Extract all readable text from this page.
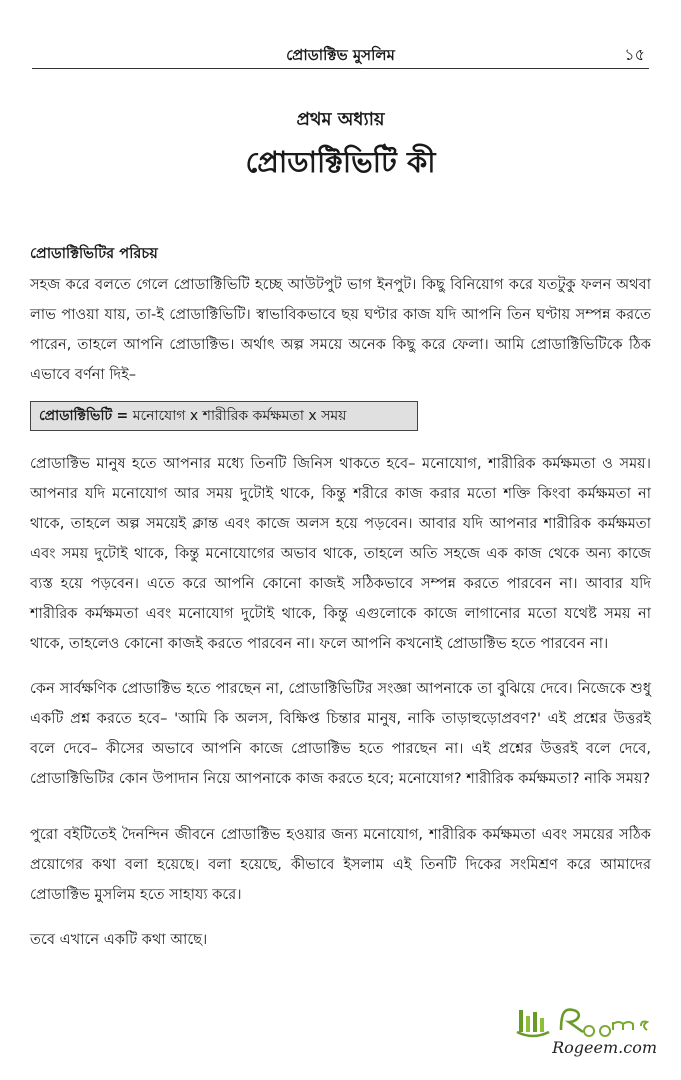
প্রোডাক্টিভ মুসলিম	১৫
প্রথম অধ্যায়
প্রোডাক্টিভিটি কী
প্রোডাক্টিভিটির পরিচয়
সহজ করে বলতে গেলে প্রোডাক্টিভিটি হচ্ছে আউটপুট ভাগ ইনপুট। কিছু বিনিয়োগ করে যতটুকু ফলন অথবা লাভ পাওয়া যায়, তা-ই প্রোডাক্টিভিটি। স্বাভাবিকভাবে ছয় ঘণ্টার কাজ যদি আপনি তিন ঘণ্টায় সম্পন্ন করতে পারেন, তাহলে আপনি প্রোডাক্টিভ। অর্থাৎ অল্প সময়ে অনেক কিছু করে ফেলা। আমি প্রোডাক্টিভিটিকে ঠিক এভাবে বর্ণনা দিই–
প্রোডাক্টিভিটি = মনোযোগ x শারীরিক কর্মক্ষমতা x সময়
প্রোডাক্টিভ মানুষ হতে আপনার মধ্যে তিনটি জিনিস থাকতে হবে– মনোযোগ, শারীরিক কর্মক্ষমতা ও সময়। আপনার যদি মনোযোগ আর সময় দুটোই থাকে, কিন্তু শরীরে কাজ করার মতো শক্তি কিংবা কর্মক্ষমতা না থাকে, তাহলে অল্প সময়েই ক্লান্ত এবং কাজে অলস হয়ে পড়বেন। আবার যদি আপনার শারীরিক কর্মক্ষমতা এবং সময় দুটোই থাকে, কিন্তু মনোযোগের অভাব থাকে, তাহলে অতি সহজে এক কাজ থেকে অন্য কাজে ব্যস্ত হয়ে পড়বেন। এতে করে আপনি কোনো কাজই সঠিকভাবে সম্পন্ন করতে পারবেন না। আবার যদি শারীরিক কর্মক্ষমতা এবং মনোযোগ দুটোই থাকে, কিন্তু এগুলোকে কাজে লাগানোর মতো যথেষ্ট সময় না থাকে, তাহলেও কোনো কাজই করতে পারবেন না। ফলে আপনি কখনোই প্রোডাক্টিভ হতে পারবেন না।
কেন সার্বক্ষণিক প্রোডাক্টিভ হতে পারছেন না, প্রোডাক্টিভিটির সংজ্ঞা আপনাকে তা বুঝিয়ে দেবে। নিজেকে শুধু একটি প্রশ্ন করতে হবে– 'আমি কি অলস, বিক্ষিপ্ত চিন্তার মানুষ, নাকি তাড়াহুড়োপ্রবণ?' এই প্রশ্নের উত্তরই বলে দেবে– কীসের অভাবে আপনি কাজে প্রোডাক্টিভ হতে পারছেন না। এই প্রশ্নের উত্তরই বলে দেবে, প্রোডাক্টিভিটির কোন উপাদান নিয়ে আপনাকে কাজ করতে হবে; মনোযোগ? শারীরিক কর্মক্ষমতা? নাকি সময়?
পুরো বইটিতেই দৈনন্দিন জীবনে প্রোডাক্টিভ হওয়ার জন্য মনোযোগ, শারীরিক কর্মক্ষমতা এবং সময়ের সঠিক প্রয়োগের কথা বলা হয়েছে। বলা হয়েছে, কীভাবে ইসলাম এই তিনটি দিকের সংমিশ্রণ করে আমাদের প্রোডাক্টিভ মুসলিম হতে সাহায্য করে।
তবে এখানে একটি কথা আছে।
Rogeem.com
